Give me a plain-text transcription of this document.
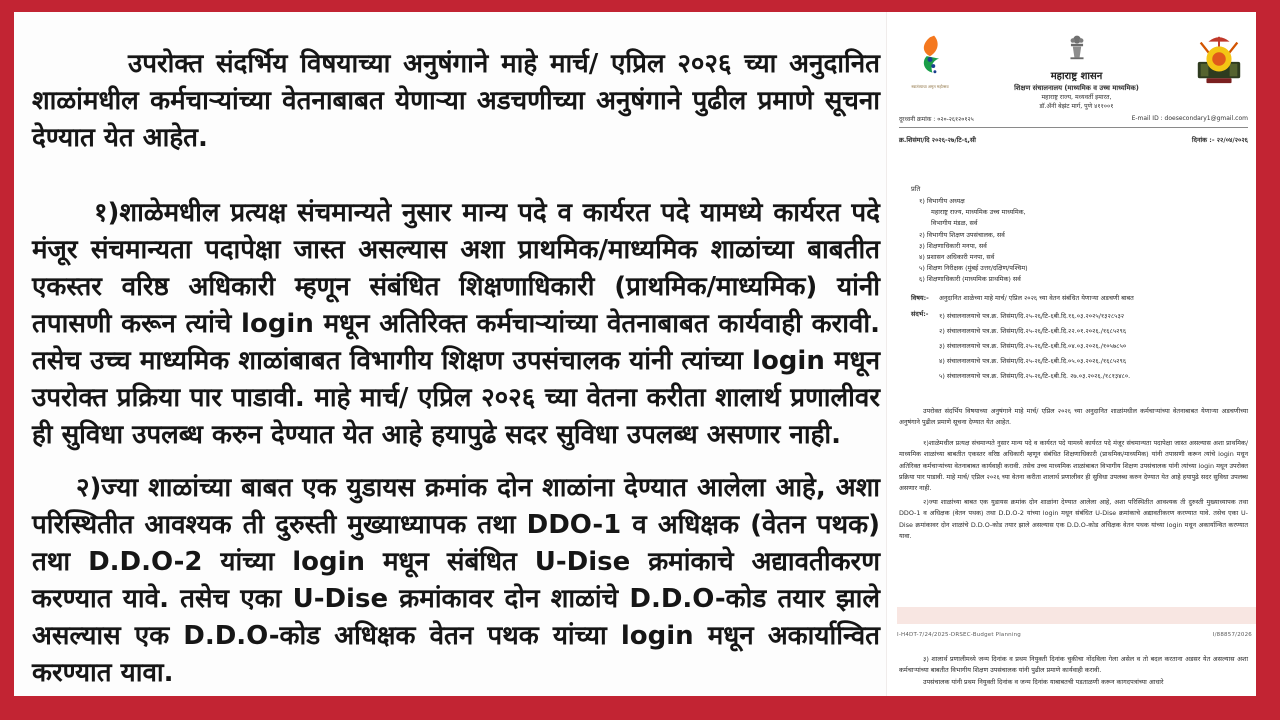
उपरोक्त संदर्भिय विषयाच्या अनुषंगाने माहे मार्च/ एप्रिल २०२६ च्या अनुदानित शाळांमधील कर्मचाऱ्यांच्या वेतनाबाबत येणाऱ्या अडचणीच्या अनुषंगाने पुढील प्रमाणे सूचना देण्यात येत आहेत.

१)शाळेमधील प्रत्यक्ष संचमान्यते नुसार मान्य पदे व कार्यरत पदे यामध्ये कार्यरत पदे मंजूर संचमान्यता पदापेक्षा जास्त असल्यास अशा प्राथमिक/माध्यमिक शाळांच्या बाबतीत एकस्तर वरिष्ठ अधिकारी म्हणून संबंधित शिक्षणाधिकारी (प्राथमिक/माध्यमिक) यांनी तपासणी करून त्यांचे login मधून अतिरिक्त कर्मचाऱ्यांच्या वेतनाबाबत कार्यवाही करावी. तसेच उच्च माध्यमिक शाळांबाबत विभागीय शिक्षण उपसंचालक यांनी त्यांच्या login मधून उपरोक्त प्रक्रिया पार पाडावी. माहे मार्च/ एप्रिल २०२६ च्या वेतना करीता शालार्थ प्रणालीवर ही सुविधा उपलब्ध करुन देण्यात येत आहे हयापुढे सदर सुविधा उपलब्ध असणार नाही.

२)ज्या शाळांच्या बाबत एक युडायस क्रमांक दोन शाळांना देण्यात आलेला आहे, अशा परिस्थितीत आवश्यक ती दुरुस्ती मुख्याध्यापक तथा DDO-1 व अधिक्षक (वेतन पथक) तथा D.D.O-2 यांच्या login मधून संबंधित U-Dise क्रमांकाचे अद्यावतीकरण करण्यात यावे. तसेच एका U-Dise क्रमांकावर दोन शाळांचे D.D.O-कोड तयार झाले असल्यास एक D.D.O-कोड अधिक्षक वेतन पथक यांच्या login मधून अकार्यान्वित करण्यात यावा.

स्वातंत्र्याचा अमृत महोत्सव
महाराष्ट्र शासन
शिक्षण संचालनालय (माध्यमिक व उच्च माध्यमिक)
महाराष्ट्र राज्य, मध्यवर्ती इमारत,
डॉ.ॲनी बेझंट मार्ग, पुणे ४११००१
दूरध्वनी क्रमांक : ०२०-२६१२०१२५	E-mail ID : doesecondary1@gmail.com
क्र.शिसंमा/दि २०२६-२७/टि-६,सी	दिनांक :- २२/०४/२०२६
प्रति
१) विभागीय अध्यक्ष
महाराष्ट्र राज्य, माध्यमिक उच्च माध्यमिक,
विभागीय मंडळ, सर्व
२) विभागीय शिक्षण उपसंचालक, सर्व
३) शिक्षणाधिकारी मनपा, सर्व
४) प्रशासन अधिकारी मनपा, सर्व
५) शिक्षण निरीक्षक (मुंबई उत्तर/दक्षिण/पश्चिम)
६) शिक्षणाधिकारी (माध्यमिक प्राथमिक) सर्व
विषय:-	अनुदानित शाळेच्या माहे मार्च/ एप्रिल २०२६ च्या वेतन संबंधित येणाऱ्या अडचणी बाबत
संदर्भ:-	१) संचालनालयाचे पत्र.क्र. शिसंमा/दि.२५-२६/टि-६बी.दि.१६.०३.२०२५/१३२८५३२
२) संचालनालयाचे पत्र.क्र. शिसंमा/दि.२५-२६/टि-६बी.दि.२२.०१.२०२६./१६८५२९६
३) संचालनालयाचे पत्र.क्र. शिसंमा/दि.२५-२६/टि-६बी.दि.०४.०३.२०२६./१०५७८५०
४) संचालनालयाचे पत्र.क्र. शिसंमा/दि.२५-२६/टि-६बी.दि.०५.०३.२०२६./१६८५२९६
५) संचालनालयाचे पत्र.क्र. शिसंमा/दि.२५-२६/टि-६बी.दि. २७.०३.२०२६./१८१३४८०.

उपरोक्त संदर्भिय विषयाच्या अनुषंगाने माहे मार्च/ एप्रिल २०२६ च्या अनुदानित शाळांमधील कर्मचाऱ्यांच्या वेतनाबाबत येणाऱ्या अडचणीच्या अनुषंगाने पुढील प्रमाणे सूचना देण्यात येत आहेत.

१)शाळेमधील प्रत्यक्ष संचमान्यते नुसार मान्य पदे व कार्यरत पदे यामध्ये कार्यरत पदे मंजूर संचमान्यता पदापेक्षा जास्त असल्यास अशा प्राथमिक/माध्यमिक शाळांच्या बाबतीत एकस्तर वरिष्ठ अधिकारी म्हणून संबंधित शिक्षणाधिकारी (प्राथमिक/माध्यमिक) यांनी तपासणी करून त्यांचे login मधून अतिरिक्त कर्मचाऱ्यांच्या वेतनाबाबत कार्यवाही करावी. तसेच उच्च माध्यमिक शाळांबाबत विभागीय शिक्षण उपसंचालक यांनी त्यांच्या login मधून उपरोक्त प्रक्रिया पार पाडावी. माहे मार्च/ एप्रिल २०२६ च्या वेतना करीता शालार्थ प्रणालीवर ही सुविधा उपलब्ध करुन देण्यात येत आहे हयापुढे सदर सुविधा उपलब्ध असणार नाही.

२)ज्या शाळांच्या बाबत एक युडायस क्रमांक दोन शाळांना देण्यात आलेला आहे, अशा परिस्थितीत आवश्यक ती दुरुस्ती मुख्याध्यापक तथा DDO-1 व अधिक्षक (वेतन पथक) तथा D.D.O-2 यांच्या login मधून संबंधित U-Dise क्रमांकाचे अद्यावतीकरण करण्यात यावे. तसेच एका U-Dise क्रमांकावर दोन शाळांचे D.D.O-कोड तयार झाले असल्यास एक D.D.O-कोड अधिक्षक वेतन पथक यांच्या login मधून अकार्यान्वित करण्यात यावा.

I-H4DT-7/24/2025-DRSEC-Budget Planning	I/88857/2026

३) शालार्थ प्रणालीमध्ये जन्म दिनांक व प्रथम नियुक्ती दिनांक चुकीचा नोंदविला गेला असेल व तो बदल करताना अडसर येत असल्यास अशा कर्मचाऱ्यांच्या बाबतीत विभागीय शिक्षण उपसंचालक यांनी पुढील प्रमाणे कार्यवाही करावी.

उपसंचालक यांनी प्रथम नियुक्ती दिनांक व जन्म दिनांक याबाबतची पडताळणी करून कागदपत्रांच्या आधारे
